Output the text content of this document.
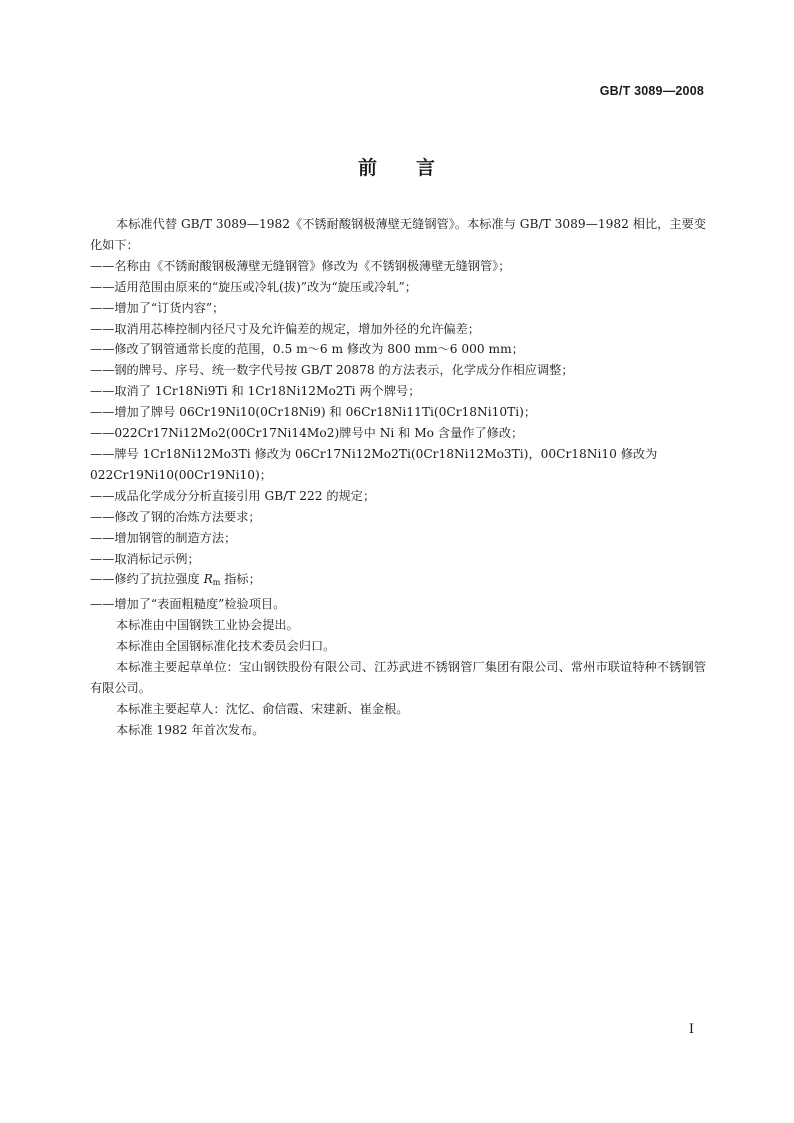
GB/T 3089—2008
前 言

本标准代替 GB/T 3089—1982《不锈耐酸钢极薄壁无缝钢管》。本标准与 GB/T 3089—1982 相比，主要变化如下：

——名称由《不锈耐酸钢极薄壁无缝钢管》修改为《不锈钢极薄壁无缝钢管》；

——适用范围由原来的“旋压或冷轧(拔)”改为“旋压或冷轧”；

——增加了“订货内容”；

——取消用芯棒控制内径尺寸及允许偏差的规定，增加外径的允许偏差；

——修改了钢管通常长度的范围，0.5 m～6 m 修改为 800 mm～6 000 mm；

——钢的牌号、序号、统一数字代号按 GB/T 20878 的方法表示，化学成分作相应调整；

——取消了 1Cr18Ni9Ti 和 1Cr18Ni12Mo2Ti 两个牌号；

——增加了牌号 06Cr19Ni10(0Cr18Ni9) 和 06Cr18Ni11Ti(0Cr18Ni10Ti)；

——022Cr17Ni12Mo2(00Cr17Ni14Mo2)牌号中 Ni 和 Mo 含量作了修改；

——牌号 1Cr18Ni12Mo3Ti 修改为 06Cr17Ni12Mo2Ti(0Cr18Ni12Mo3Ti)，00Cr18Ni10 修改为 022Cr19Ni10(00Cr19Ni10)；

——成品化学成分分析直接引用 GB/T 222 的规定；

——修改了钢的冶炼方法要求；

——增加钢管的制造方法；

——取消标记示例；

——修约了抗拉强度 $R_m$ 指标；

——增加了“表面粗糙度”检验项目。

本标准由中国钢铁工业协会提出。

本标准由全国钢标准化技术委员会归口。

本标准主要起草单位：宝山钢铁股份有限公司、江苏武进不锈钢管厂集团有限公司、常州市联谊特种不锈钢管有限公司。

本标准主要起草人：沈忆、俞信霞、宋建新、崔金根。

本标准 1982 年首次发布。

I
